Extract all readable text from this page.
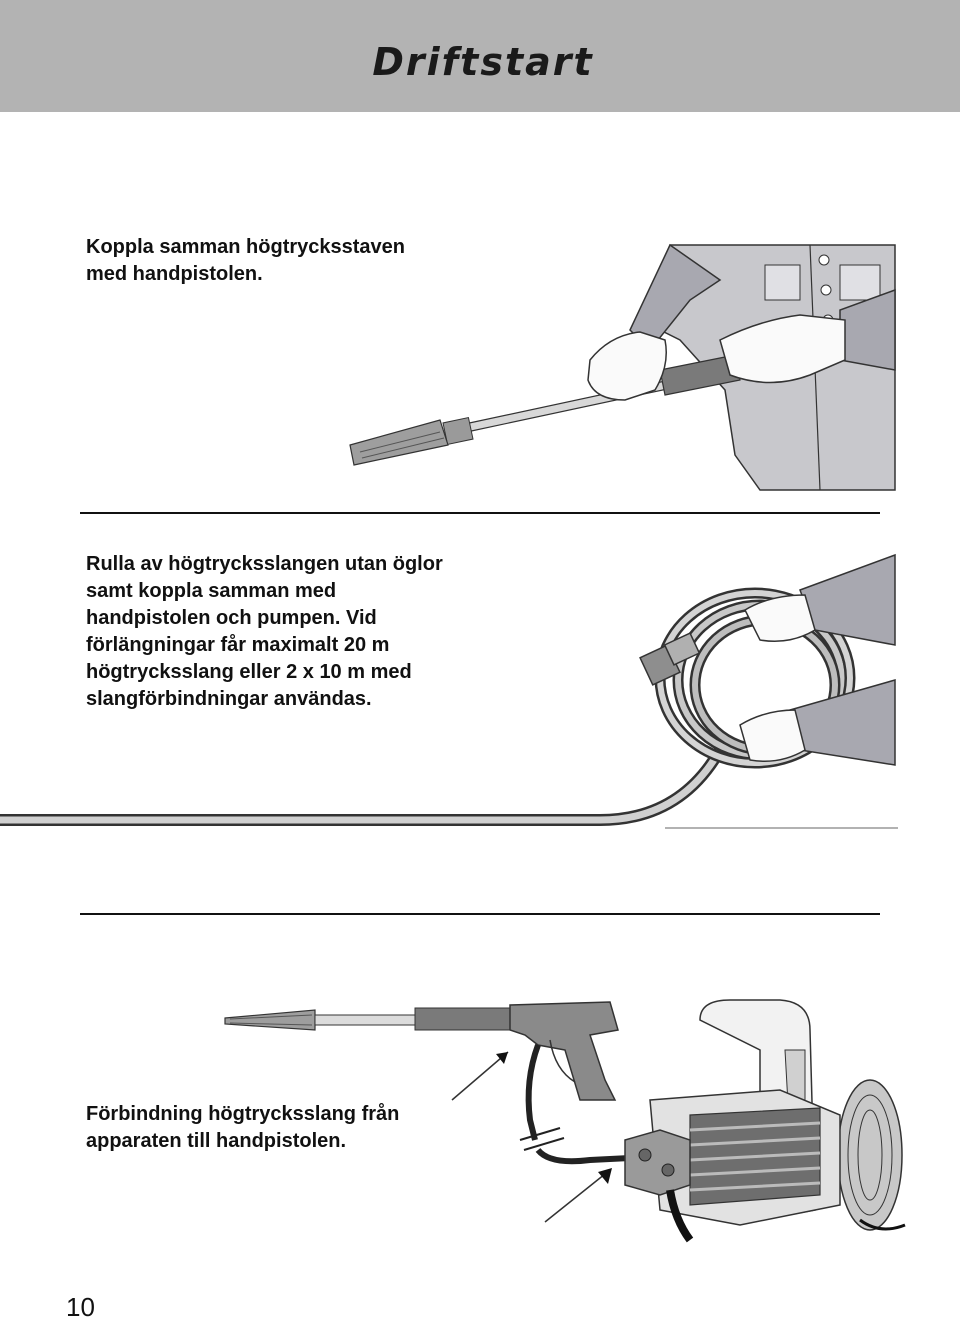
Driftstart
Koppla samman högtrycksstaven
med handpistolen.
Rulla av högtrycksslangen utan öglor
samt koppla samman med
handpistolen och pumpen. Vid
förlängningar får maximalt 20 m
högtrycksslang eller 2 x 10 m med
slangförbindningar användas.
Förbindning högtrycksslang från
apparaten till handpistolen.
10
